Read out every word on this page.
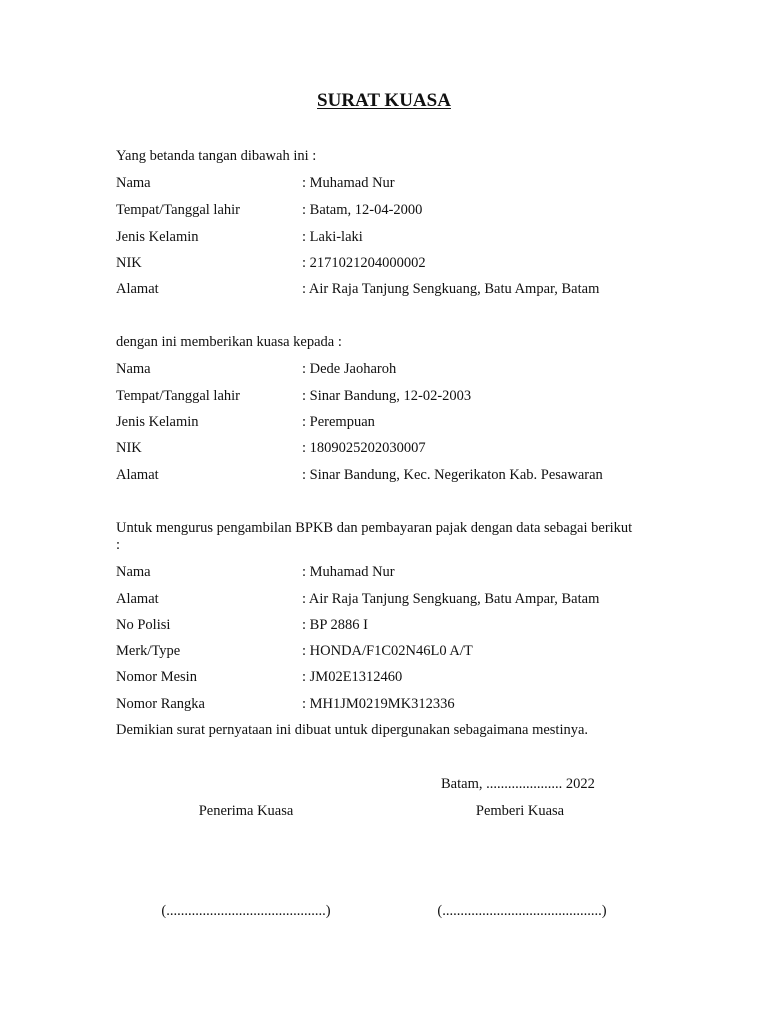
SURAT KUASA
Yang betanda tangan dibawah ini :
Nama	: Muhamad Nur
Tempat/Tanggal lahir	: Batam, 12-04-2000
Jenis Kelamin	: Laki-laki
NIK	: 2171021204000002
Alamat	: Air Raja Tanjung Sengkuang, Batu Ampar, Batam
dengan ini memberikan kuasa kepada :
Nama	: Dede Jaoharoh
Tempat/Tanggal lahir	: Sinar Bandung, 12-02-2003
Jenis Kelamin	: Perempuan
NIK	: 1809025202030007
Alamat	: Sinar Bandung, Kec. Negerikaton Kab. Pesawaran
Untuk mengurus pengambilan BPKB dan pembayaran pajak dengan data sebagai berikut :
Nama	: Muhamad Nur
Alamat	: Air Raja Tanjung Sengkuang, Batu Ampar, Batam
No Polisi	: BP 2886 I
Merk/Type	: HONDA/F1C02N46L0 A/T
Nomor Mesin	: JM02E1312460
Nomor Rangka	: MH1JM0219MK312336
Demikian surat pernyataan ini dibuat untuk dipergunakan sebagaimana mestinya.
Batam, ..................... 2022
Penerima Kuasa	Pemberi Kuasa
(............................................)	(............................................)
